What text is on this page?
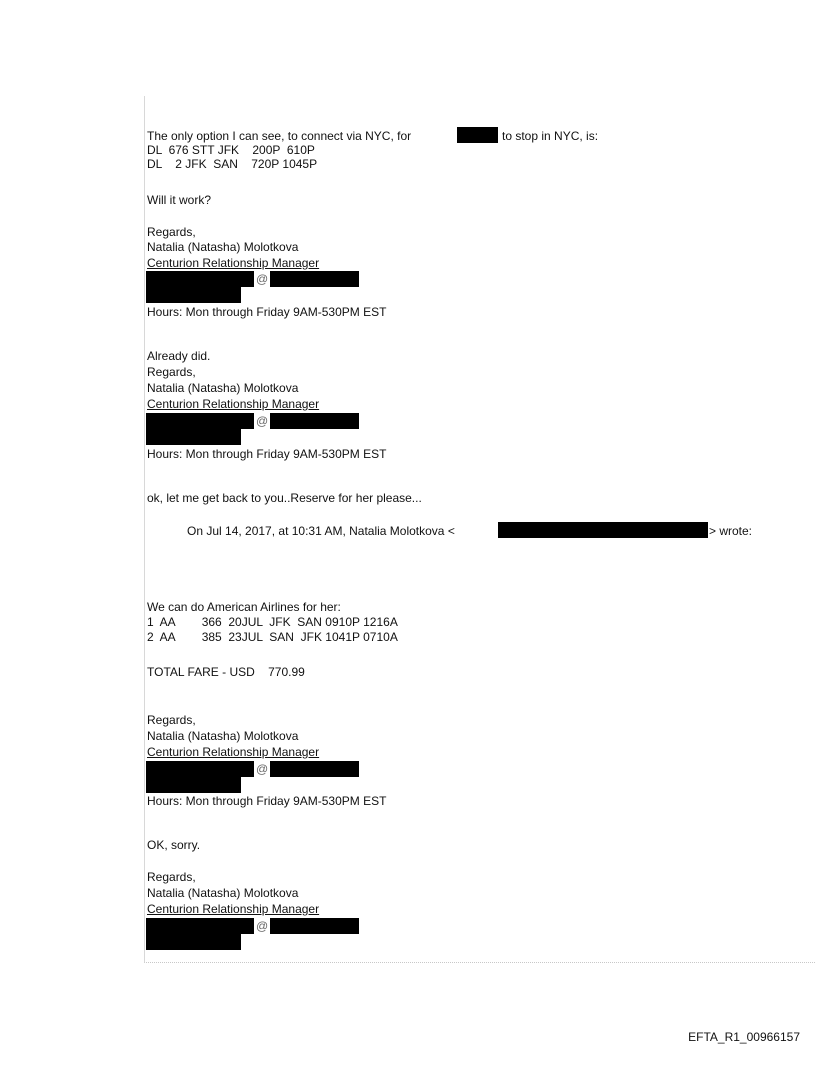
The only option I can see, to connect via NYC, for	to stop in NYC, is:
DL  676 STT JFK    200P  610P
DL    2 JFK  SAN    720P 1045P
Will it work?
Regards,
Natalia (Natasha) Molotkova
Centurion Relationship Manager
@
Hours: Mon through Friday 9AM-530PM EST
Already did.
Regards,
Natalia (Natasha) Molotkova
Centurion Relationship Manager
@
Hours: Mon through Friday 9AM-530PM EST
ok, let me get back to you..Reserve for her please...
On Jul 14, 2017, at 10:31 AM, Natalia Molotkova <	> wrote:
We can do American Airlines for her:
1  AA        366  20JUL  JFK  SAN 0910P 1216A
2  AA        385  23JUL  SAN  JFK 1041P 0710A
TOTAL FARE - USD    770.99
Regards,
Natalia (Natasha) Molotkova
Centurion Relationship Manager
@
Hours: Mon through Friday 9AM-530PM EST
OK, sorry.
Regards,
Natalia (Natasha) Molotkova
Centurion Relationship Manager
@
EFTA_R1_00966157
